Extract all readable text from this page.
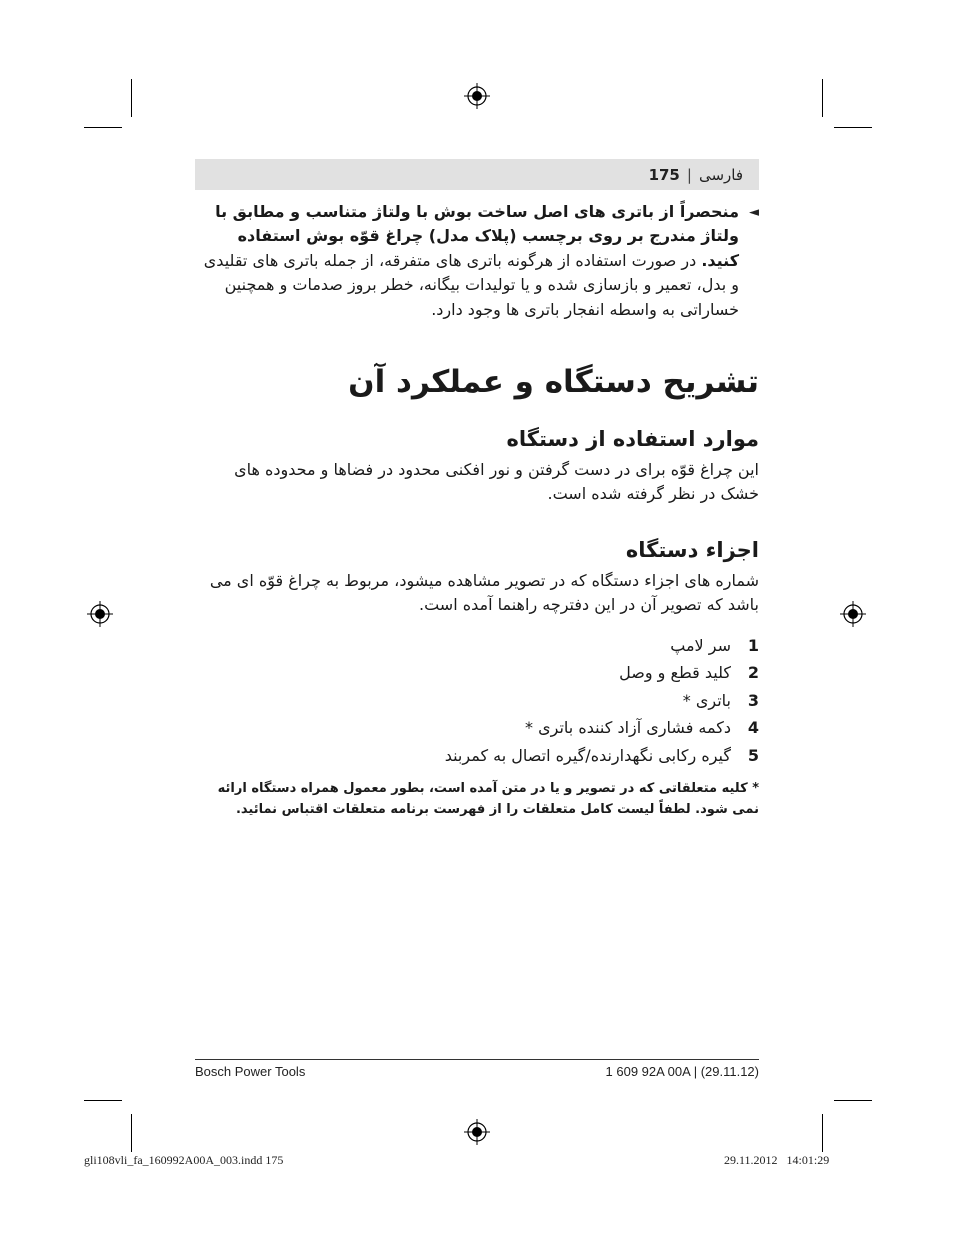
175 | فارسی
◄
منحصراً از باتری های اصل ساخت بوش با ولتاژ متناسب و مطابق با ولتاژ مندرج بر روی برچسب (پلاک مدل) چراغ قوّه بوش استفاده کنید. در صورت استفاده از هرگونه باتری های متفرقه، از جمله باتری های تقلیدی و بدل، تعمیر و بازسازی شده و یا تولیدات بیگانه، خطر بروز صدمات و همچنین خساراتی به واسطه انفجار باتری ها وجود دارد.
تشریح دستگاه و عملکرد آن
موارد استفاده از دستگاه
این چراغ قوّه برای در دست گرفتن و نور افکنی محدود در فضاها و محدوده های خشک در نظر گرفته شده است.
اجزاء دستگاه
شماره های اجزاء دستگاه که در تصویر مشاهده میشود، مربوط به چراغ قوّه ای می باشد که تصویر آن در این دفترچه راهنما آمده است.
1
سر لامپ
2
کلید قطع و وصل
3
باتری *
4
دکمه فشاری آزاد کننده باتری *
5
گیره رکابی نگهدارنده/گیره اتصال به کمربند
* کلیه متعلقاتی که در تصویر و یا در متن آمده است، بطور معمول همراه دستگاه ارائه نمی شود. لطفاً لیست کامل متعلقات را از فهرست برنامه متعلقات اقتباس نمائید.
Bosch Power Tools	1 609 92A 00A | (29.11.12)
gli108vli_fa_160992A00A_003.indd 175	29.11.2012   14:01:29
